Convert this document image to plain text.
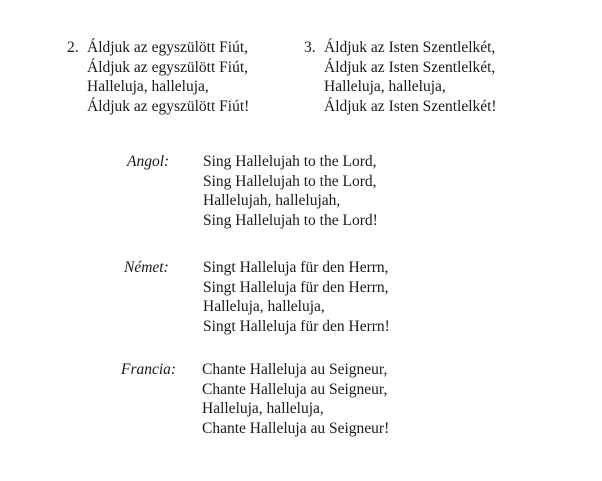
2. Áldjuk az egyszülött Fiút,
Áldjuk az egyszülött Fiút,
Halleluja, halleluja,
Áldjuk az egyszülött Fiút!
3. Áldjuk az Isten Szentlelkét,
Áldjuk az Isten Szentlelkét,
Halleluja, halleluja,
Áldjuk az Isten Szentlelkét!
Angol: Sing Hallelujah to the Lord,
Sing Hallelujah to the Lord,
Hallelujah, hallelujah,
Sing Hallelujah to the Lord!
Német: Singt Halleluja für den Herrn,
Singt Halleluja für den Herrn,
Halleluja, halleluja,
Singt Halleluja für den Herrn!
Francia: Chante Halleluja au Seigneur,
Chante Halleluja au Seigneur,
Halleluja, halleluja,
Chante Halleluja au Seigneur!
